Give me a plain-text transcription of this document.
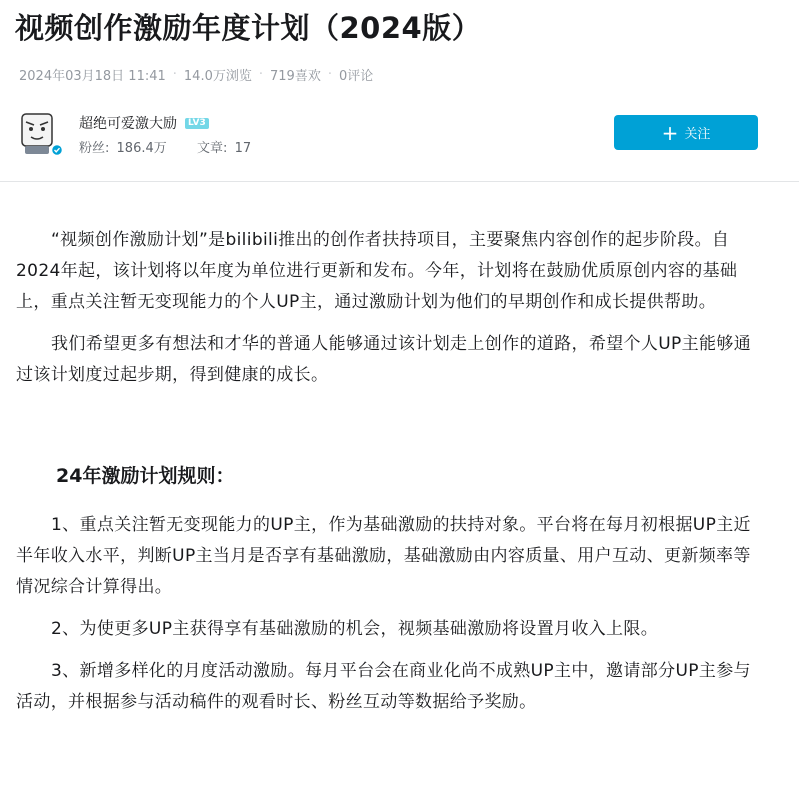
视频创作激励年度计划（2024版）
2024年03月18日 11:41 · 14.0万浏览 · 719喜欢 · 0评论
超绝可爱激大励	LV3
粉丝: 186.4万 文章: 17
+ 关注

“视频创作激励计划”是bilibili推出的创作者扶持项目，主要聚焦内容创作的起步阶段。自2024年起，该计划将以年度为单位进行更新和发布。今年，计划将在鼓励优质原创内容的基础上，重点关注暂无变现能力的个人UP主，通过激励计划为他们的早期创作和成长提供帮助。

我们希望更多有想法和才华的普通人能够通过该计划走上创作的道路，希望个人UP主能够通过该计划度过起步期，得到健康的成长。

24年激励计划规则：

1、重点关注暂无变现能力的UP主，作为基础激励的扶持对象。平台将在每月初根据UP主近半年收入水平，判断UP主当月是否享有基础激励，基础激励由内容质量、用户互动、更新频率等情况综合计算得出。

2、为使更多UP主获得享有基础激励的机会，视频基础激励将设置月收入上限。

3、新增多样化的月度活动激励。每月平台会在商业化尚不成熟UP主中，邀请部分UP主参与活动，并根据参与活动稿件的观看时长、粉丝互动等数据给予奖励。
